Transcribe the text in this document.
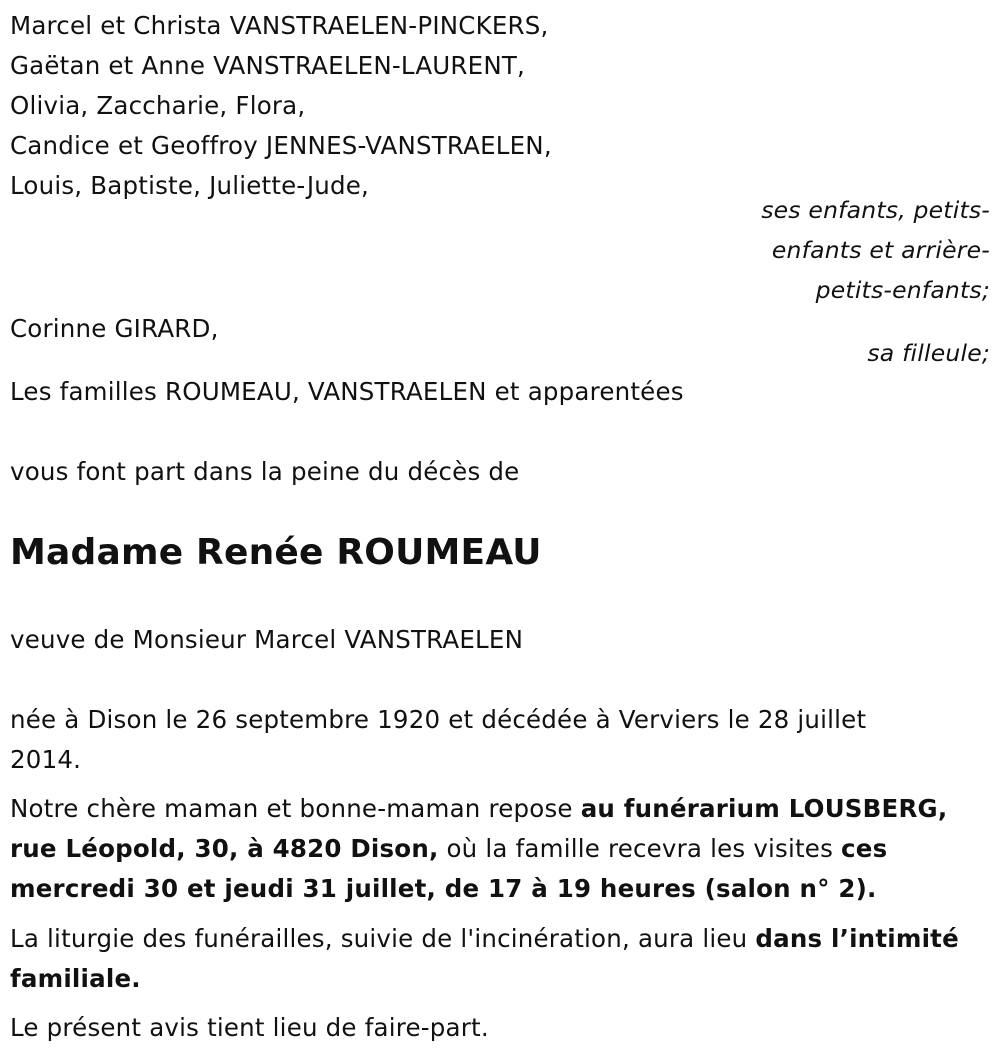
Marcel et Christa VANSTRAELEN-PINCKERS,
Gaëtan et Anne VANSTRAELEN-LAURENT,
Olivia, Zaccharie, Flora,
Candice et Geoffroy JENNES-VANSTRAELEN,
Louis, Baptiste, Juliette-Jude,
ses enfants, petits-
enfants et arrière-
petits-enfants;
Corinne GIRARD,
sa filleule;
Les familles ROUMEAU, VANSTRAELEN et apparentées
vous font part dans la peine du décès de
Madame Renée ROUMEAU
veuve de Monsieur Marcel VANSTRAELEN
née à Dison le 26 septembre 1920 et décédée à Verviers le 28 juillet
2014.
Notre chère maman et bonne-maman repose au funérarium LOUSBERG, rue Léopold, 30, à 4820 Dison, où la famille recevra les visites ces mercredi 30 et jeudi 31 juillet, de 17 à 19 heures (salon n° 2).
La liturgie des funérailles, suivie de l'incinération, aura lieu dans l’intimité familiale.
Le présent avis tient lieu de faire-part.
